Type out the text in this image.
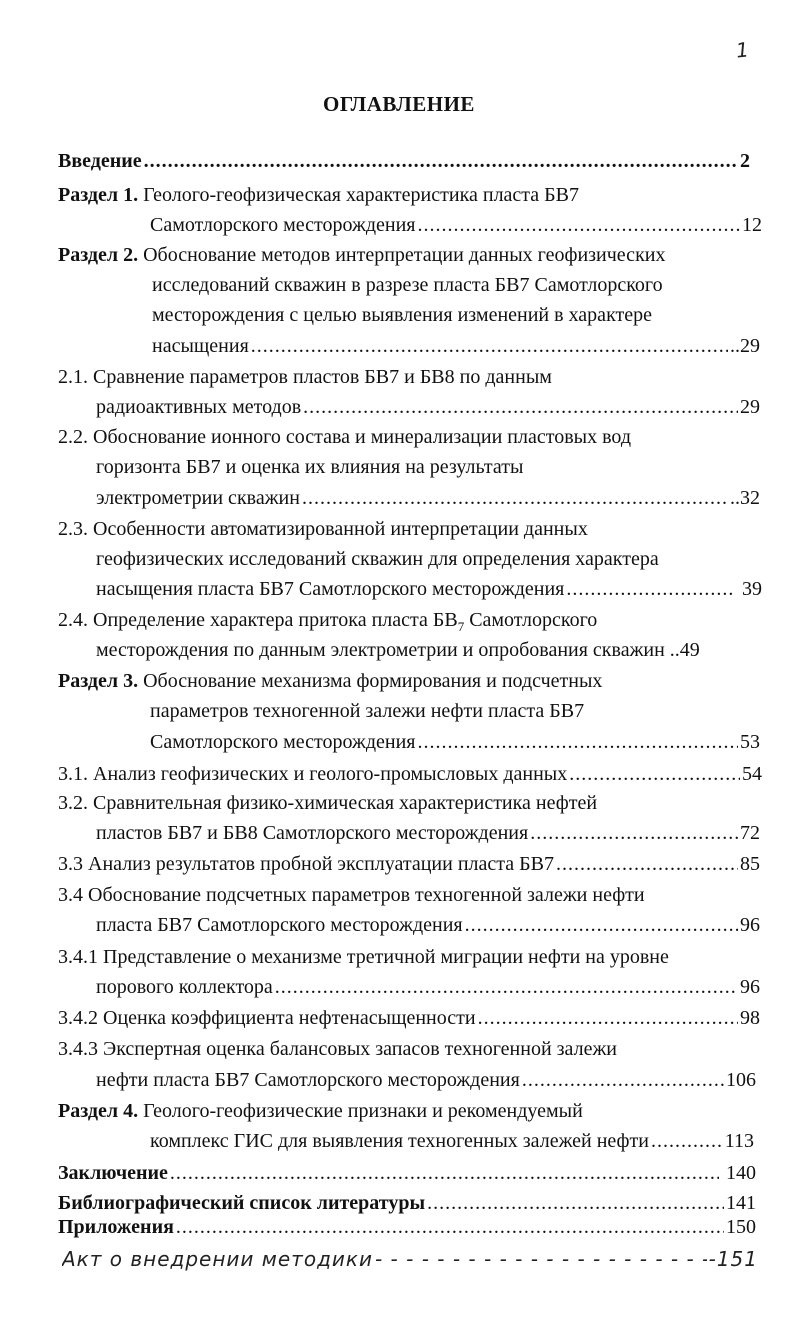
1
ОГЛАВЛЕНИЕ
Введение .....	2
Раздел 1. Геолого-геофизическая характеристика пласта БВ7
Самотлорского месторождения .....	12
Раздел 2. Обоснование методов интерпретации данных геофизических
исследований скважин в разрезе пласта БВ7 Самотлорского
месторождения с целью выявления изменений в характере
насыщения .....	..29
2.1. Сравнение параметров пластов БВ7 и БВ8 по данным
радиоактивных методов .....	29
2.2. Обоснование ионного состава и минерализации пластовых вод
горизонта БВ7 и оценка их влияния на результаты
электрометрии скважин .....	..32
2.3. Особенности автоматизированной интерпретации данных
геофизических исследований скважин для определения характера
насыщения пласта БВ7 Самотлорского месторождения .....	39
2.4. Определение характера притока пласта $БВ_7$ Самотлорского
месторождения по данным электрометрии и опробования скважин ..49
Раздел 3. Обоснование механизма формирования и подсчетных
параметров техногенной залежи нефти пласта БВ7
Самотлорского месторождения .....	53
3.1. Анализ геофизических и геолого-промысловых данных .....	54
3.2. Сравнительная физико-химическая характеристика нефтей
пластов БВ7 и БВ8 Самотлорского месторождения .....	72
3.3 Анализ результатов пробной эксплуатации пласта БВ7 .....	85
3.4 Обоснование подсчетных параметров техногенной залежи нефти
пласта БВ7 Самотлорского месторождения .....	96
3.4.1 Представление о механизме третичной миграции нефти на уровне
порового коллектора .....	96
3.4.2 Оценка коэффициента нефтенасыщенности .....	98
3.4.3 Экспертная оценка балансовых запасов техногенной залежи
нефти пласта БВ7 Самотлорского месторождения .....	106
Раздел 4. Геолого-геофизические признаки и рекомендуемый
комплекс ГИС для выявления техногенных залежей нефти .....	113
Заключение .....	140
Библиографический список литературы .....	141
Приложения .....	150
Акт о внедрении методики - - -	-151
